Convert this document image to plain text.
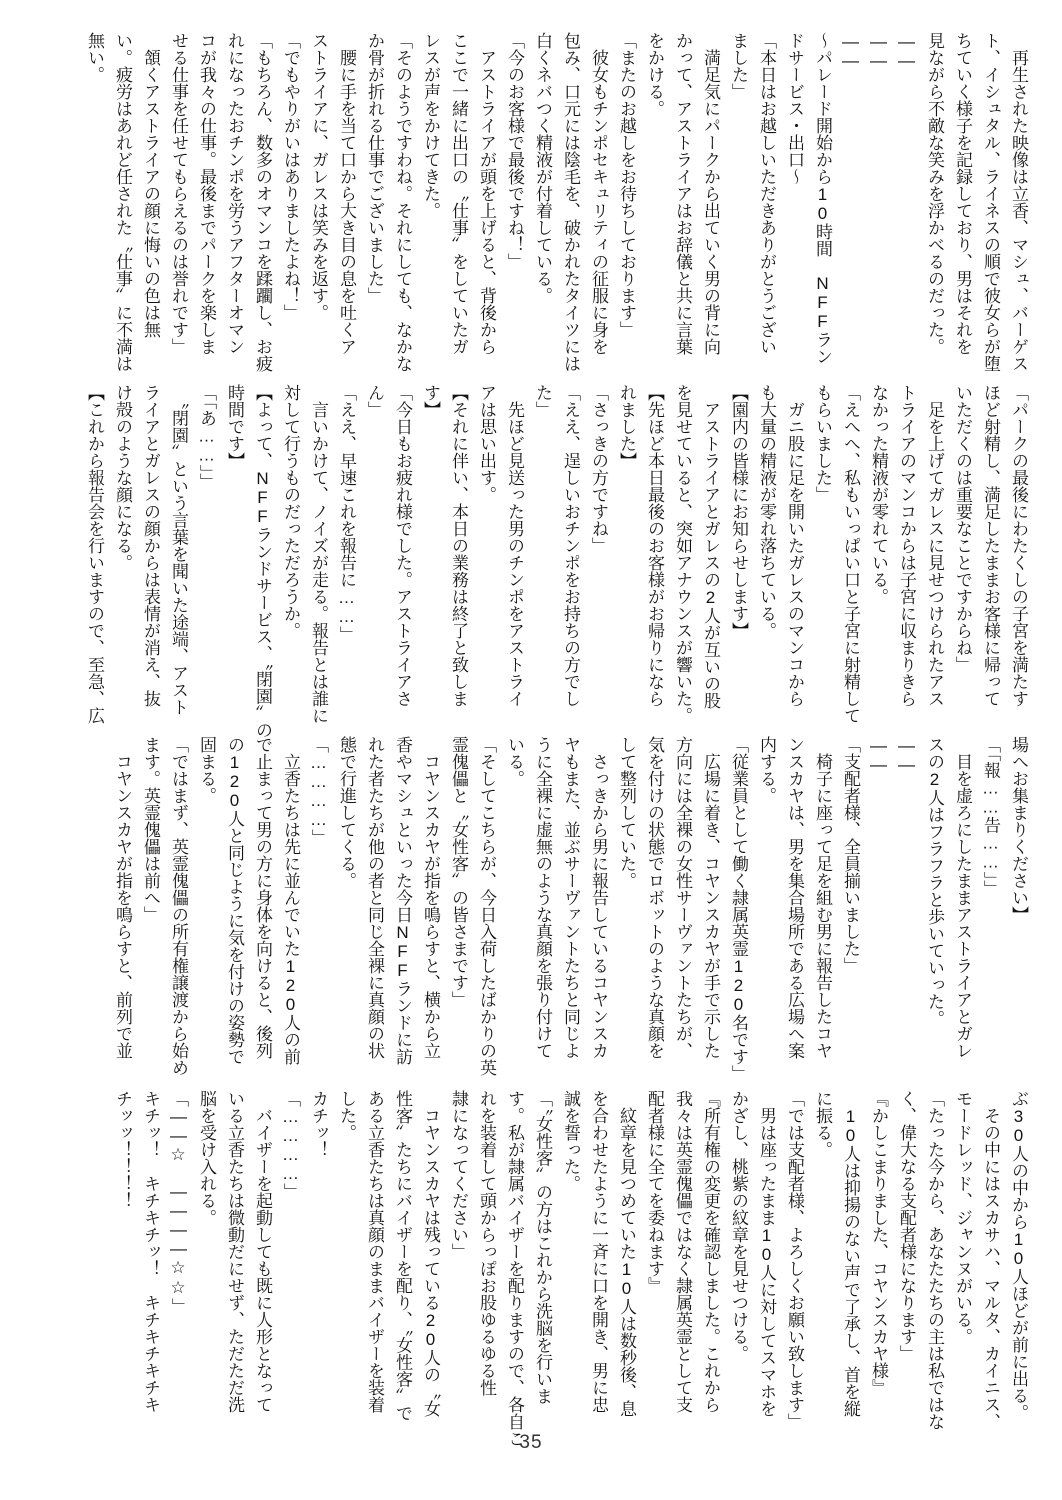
　再生された映像は立香、マシュ、バーゲス
ト、イシュタル、ライネスの順で彼女らが堕
ちていく様子を記録しており、男はそれを
見ながら不敵な笑みを浮かべるのだった。
――
――
――
～パレード開始から10時間　NFFラン
ドサービス・出口～
「本日はお越しいただきありがとうござい
ました」
　満足気にパークから出ていく男の背に向
かって、アストライアはお辞儀と共に言葉
をかける。
「またのお越しをお待ちしております」
　彼女もチンポセキュリティの征服に身を
包み、口元には陰毛を、破かれたタイツには
白くネバつく精液が付着している。
「今のお客様で最後ですね！」
　アストライアが頭を上げると、背後から
ここで一緒に出口の〝仕事〟をしていたガ
レスが声をかけてきた。
「そのようですわね。それにしても、なかな
か骨が折れる仕事でございました」
　腰に手を当て口から大き目の息を吐くア
ストライアに、ガレスは笑みを返す。
「でもやりがいはありましたよね！」
「もちろん、数多のオマンコを蹂躙し、お疲
れになったおチンポを労うアフターオマン
コが我々の仕事。最後までパークを楽しま
せる仕事を任せてもらえるのは誉れです」
　頷くアストライアの顔に悔いの色は無
い。疲労はあれど任された〝仕事〟に不満は
無い。
「パークの最後にわたくしの子宮を満たす
ほど射精し、満足したままお客様に帰って
いただくのは重要なことですからね」
　足を上げてガレスに見せつけられたアス
トライアのマンコからは子宮に収まりきら
なかった精液が零れている。
「えへへ、私もいっぱい口と子宮に射精して
もらいました」
　ガニ股に足を開いたガレスのマンコから
も大量の精液が零れ落ちている。
【園内の皆様にお知らせします】
　アストライアとガレスの2人が互いの股
を見せていると、突如アナウンスが響いた。
【先ほど本日最後のお客様がお帰りになら
れました】
「さっきの方ですね」
「ええ、逞しいおチンポをお持ちの方でし
た」
　先ほど見送った男のチンポをアストライ
アは思い出す。
【それに伴い、本日の業務は終了と致しま
す】
「今日もお疲れ様でした。アストライアさ
ん」
「ええ、早速これを報告に……」
　言いかけて、ノイズが走る。報告とは誰に
対して行うものだっただろうか。
【よって、NFFランドサービス、〝閉園〟の
時間です】
「「あ……」」
　〝閉園〟という言葉を聞いた途端、アスト
ライアとガレスの顔からは表情が消え、抜
け殻のような顔になる。
【これから報告会を行いますので、至急、広
場へお集まりください】
「「報……告……」」
　目を虚ろにしたままアストライアとガレ
スの2人はフラフラと歩いていった。
――
――
「支配者様、全員揃いました」
　椅子に座って足を組む男に報告したコヤ
ンスカヤは、男を集合場所である広場へ案
内する。
「従業員として働く隷属英霊120名です」
　広場に着き、コヤンスカヤが手で示した
方向には全裸の女性サーヴァントたちが、
気を付けの状態でロボットのような真顔を
して整列していた。
　さっきから男に報告しているコヤンスカ
ヤもまた、並ぶサーヴァントたちと同じよ
うに全裸に虚無のような真顔を張り付けて
いる。
「そしてこちらが、今日入荷したばかりの英
霊傀儡と〝女性客〟の皆さまです」
　コヤンスカヤが指を鳴らすと、横から立
香やマシュといった今日NFFランドに訪
れた者たちが他の者と同じ全裸に真顔の状
態で行進してくる。
「…………」
　立香たちは先に並んでいた120人の前
で止まって男の方に身体を向けると、後列
の120人と同じように気を付けの姿勢で
固まる。
「ではまず、英霊傀儡の所有権譲渡から始め
ます。英霊傀儡は前へ」
　コヤンスカヤが指を鳴らすと、前列で並
ぶ30人の中から10人ほどが前に出る。
　その中にはスカサハ、マルタ、カイニス、
モードレッド、ジャンヌがいる。
「たった今から、あなたたちの主は私ではな
く、偉大なる支配者様になります」
『かしこまりました、コヤンスカヤ様』
　10人は抑揚のない声で了承し、首を縦
に振る。
「では支配者様、よろしくお願い致します」
　男は座ったまま10人に対してスマホを
かざし、桃紫の紋章を見せつける。
『所有権の変更を確認しました。これから
我々は英霊傀儡ではなく隷属英霊として支
配者様に全てを委ねます』
　紋章を見つめていた10人は数秒後、息
を合わせたように一斉に口を開き、男に忠
誠を誓った。
「〝女性客〟の方はこれから洗脳を行いま
す。私が隷属バイザーを配りますので、各自こ
れを装着して頭からっぽお股ゆるゆる性
隷になってください」
　コヤンスカヤは残っている20人の〝女
性客〟たちにバイザーを配り、〝女性客〟で
ある立香たちは真顔のままバイザーを装着
した。
カチッ！
「…………」
　バイザーを起動しても既に人形となって
いる立香たちは微動だにせず、ただただ洗
脳を受け入れる。
「――☆　――――☆☆」
キチッ！　キチキチッ！　キチキチキチキ
チッッ！！！！
35
